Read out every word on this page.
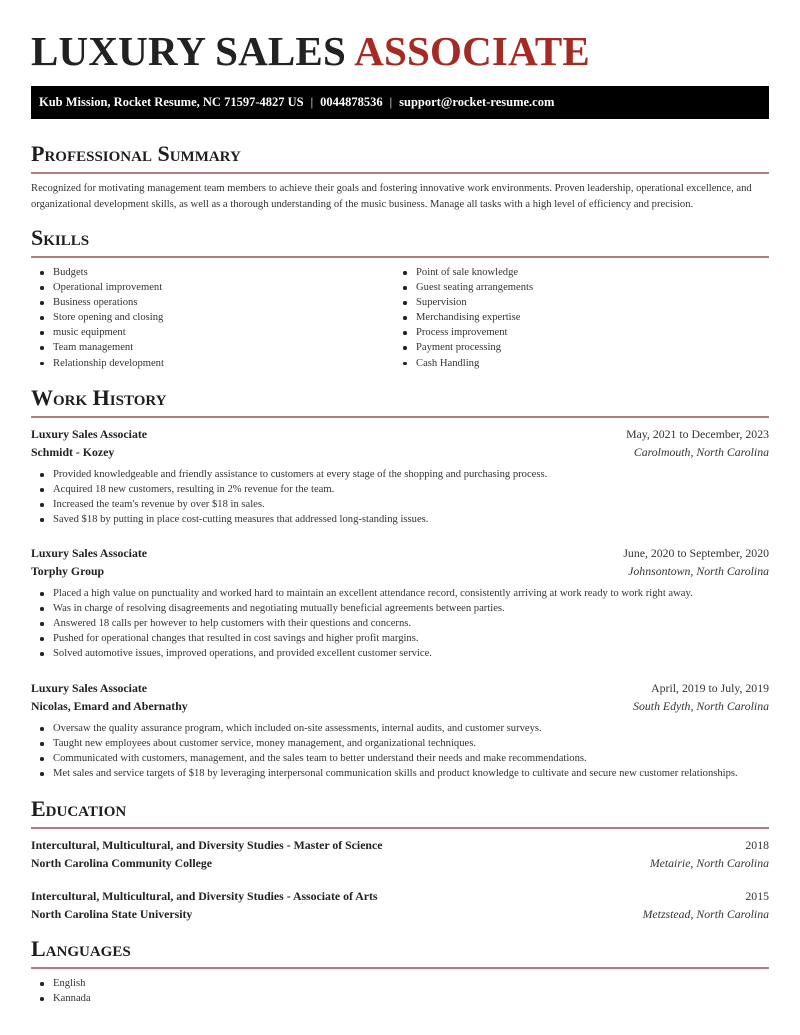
LUXURY SALES ASSOCIATE
Kub Mission, Rocket Resume, NC 71597-4827 US | 0044878536 | support@rocket-resume.com
Professional Summary

Recognized for motivating management team members to achieve their goals and fostering innovative work environments. Proven leadership, operational excellence, and organizational development skills, as well as a thorough understanding of the music business. Manage all tasks with a high level of efficiency and precision.

Skills
Budgets
Operational improvement
Business operations
Store opening and closing
music equipment
Team management
Relationship development
Point of sale knowledge
Guest seating arrangements
Supervision
Merchandising expertise
Process improvement
Payment processing
Cash Handling
Work History
Luxury Sales Associate	May, 2021 to December, 2023
Schmidt - Kozey	Carolmouth, North Carolina
Provided knowledgeable and friendly assistance to customers at every stage of the shopping and purchasing process.
Acquired 18 new customers, resulting in 2% revenue for the team.
Increased the team's revenue by over $18 in sales.
Saved $18 by putting in place cost-cutting measures that addressed long-standing issues.
Luxury Sales Associate	June, 2020 to September, 2020
Torphy Group	Johnsontown, North Carolina
Placed a high value on punctuality and worked hard to maintain an excellent attendance record, consistently arriving at work ready to work right away.
Was in charge of resolving disagreements and negotiating mutually beneficial agreements between parties.
Answered 18 calls per however to help customers with their questions and concerns.
Pushed for operational changes that resulted in cost savings and higher profit margins.
Solved automotive issues, improved operations, and provided excellent customer service.
Luxury Sales Associate	April, 2019 to July, 2019
Nicolas, Emard and Abernathy	South Edyth, North Carolina
Oversaw the quality assurance program, which included on-site assessments, internal audits, and customer surveys.
Taught new employees about customer service, money management, and organizational techniques.
Communicated with customers, management, and the sales team to better understand their needs and make recommendations.
Met sales and service targets of $18 by leveraging interpersonal communication skills and product knowledge to cultivate and secure new customer relationships.
Education
Intercultural, Multicultural, and Diversity Studies - Master of Science	2018
North Carolina Community College	Metairie, North Carolina
Intercultural, Multicultural, and Diversity Studies - Associate of Arts	2015
North Carolina State University	Metzstead, North Carolina
Languages
English
Kannada
